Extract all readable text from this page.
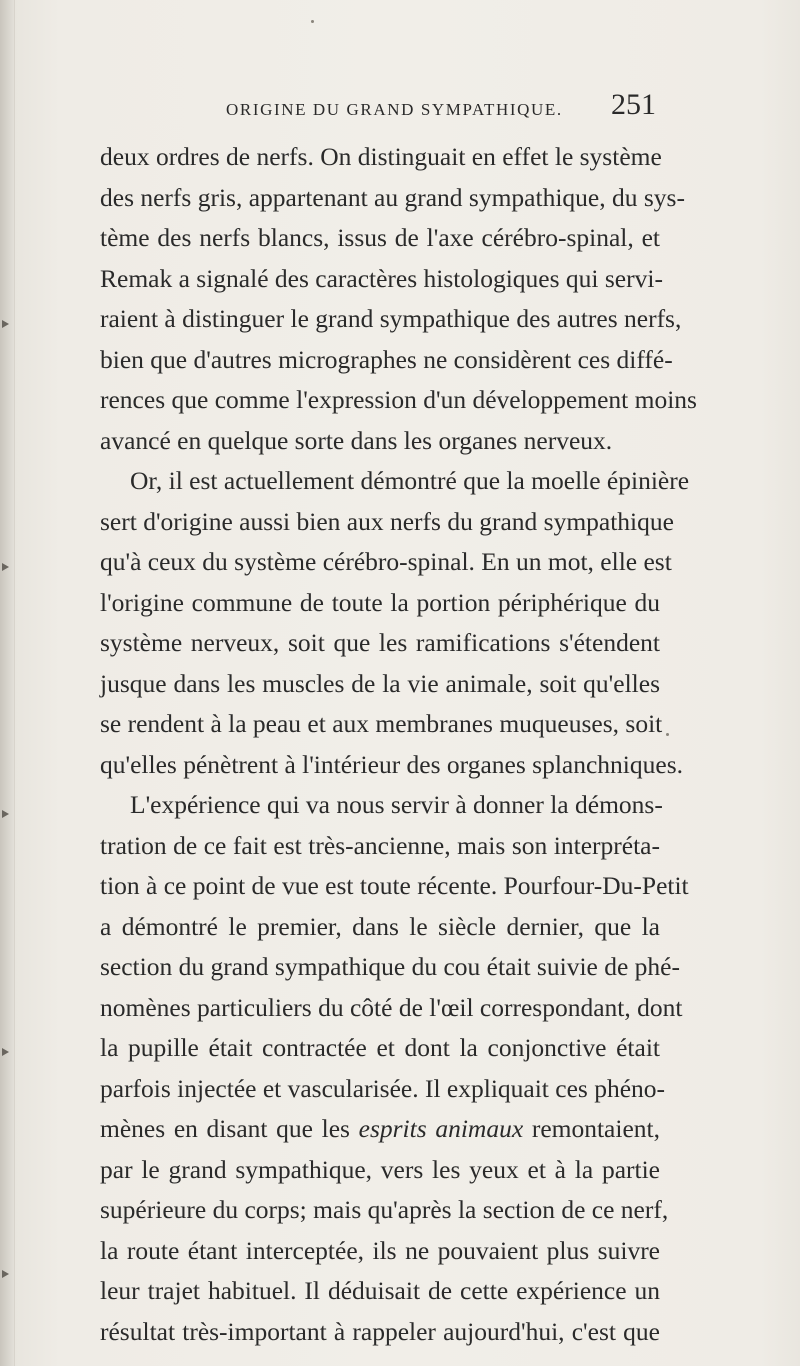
ORIGINE DU GRAND SYMPATHIQUE. 251
deux ordres de nerfs. On distinguait en effet le système
des nerfs gris, appartenant au grand sympathique, du sys-
tème des nerfs blancs, issus de l'axe cérébro-spinal, et
Remak a signalé des caractères histologiques qui servi-
raient à distinguer le grand sympathique des autres nerfs,
bien que d'autres micrographes ne considèrent ces diffé-
rences que comme l'expression d'un développement moins
avancé en quelque sorte dans les organes nerveux.
Or, il est actuellement démontré que la moelle épinière
sert d'origine aussi bien aux nerfs du grand sympathique
qu'à ceux du système cérébro-spinal. En un mot, elle est
l'origine commune de toute la portion périphérique du
système nerveux, soit que les ramifications s'étendent
jusque dans les muscles de la vie animale, soit qu'elles
se rendent à la peau et aux membranes muqueuses, soit
qu'elles pénètrent à l'intérieur des organes splanchniques.
L'expérience qui va nous servir à donner la démons-
tration de ce fait est très-ancienne, mais son interpréta-
tion à ce point de vue est toute récente. Pourfour-Du-Petit
a démontré le premier, dans le siècle dernier, que la
section du grand sympathique du cou était suivie de phé-
nomènes particuliers du côté de l'œil correspondant, dont
la pupille était contractée et dont la conjonctive était
parfois injectée et vascularisée. Il expliquait ces phéno-
mènes en disant que les esprits animaux remontaient,
par le grand sympathique, vers les yeux et à la partie
supérieure du corps; mais qu'après la section de ce nerf,
la route étant interceptée, ils ne pouvaient plus suivre
leur trajet habituel. Il déduisait de cette expérience un
résultat très-important à rappeler aujourd'hui, c'est que
